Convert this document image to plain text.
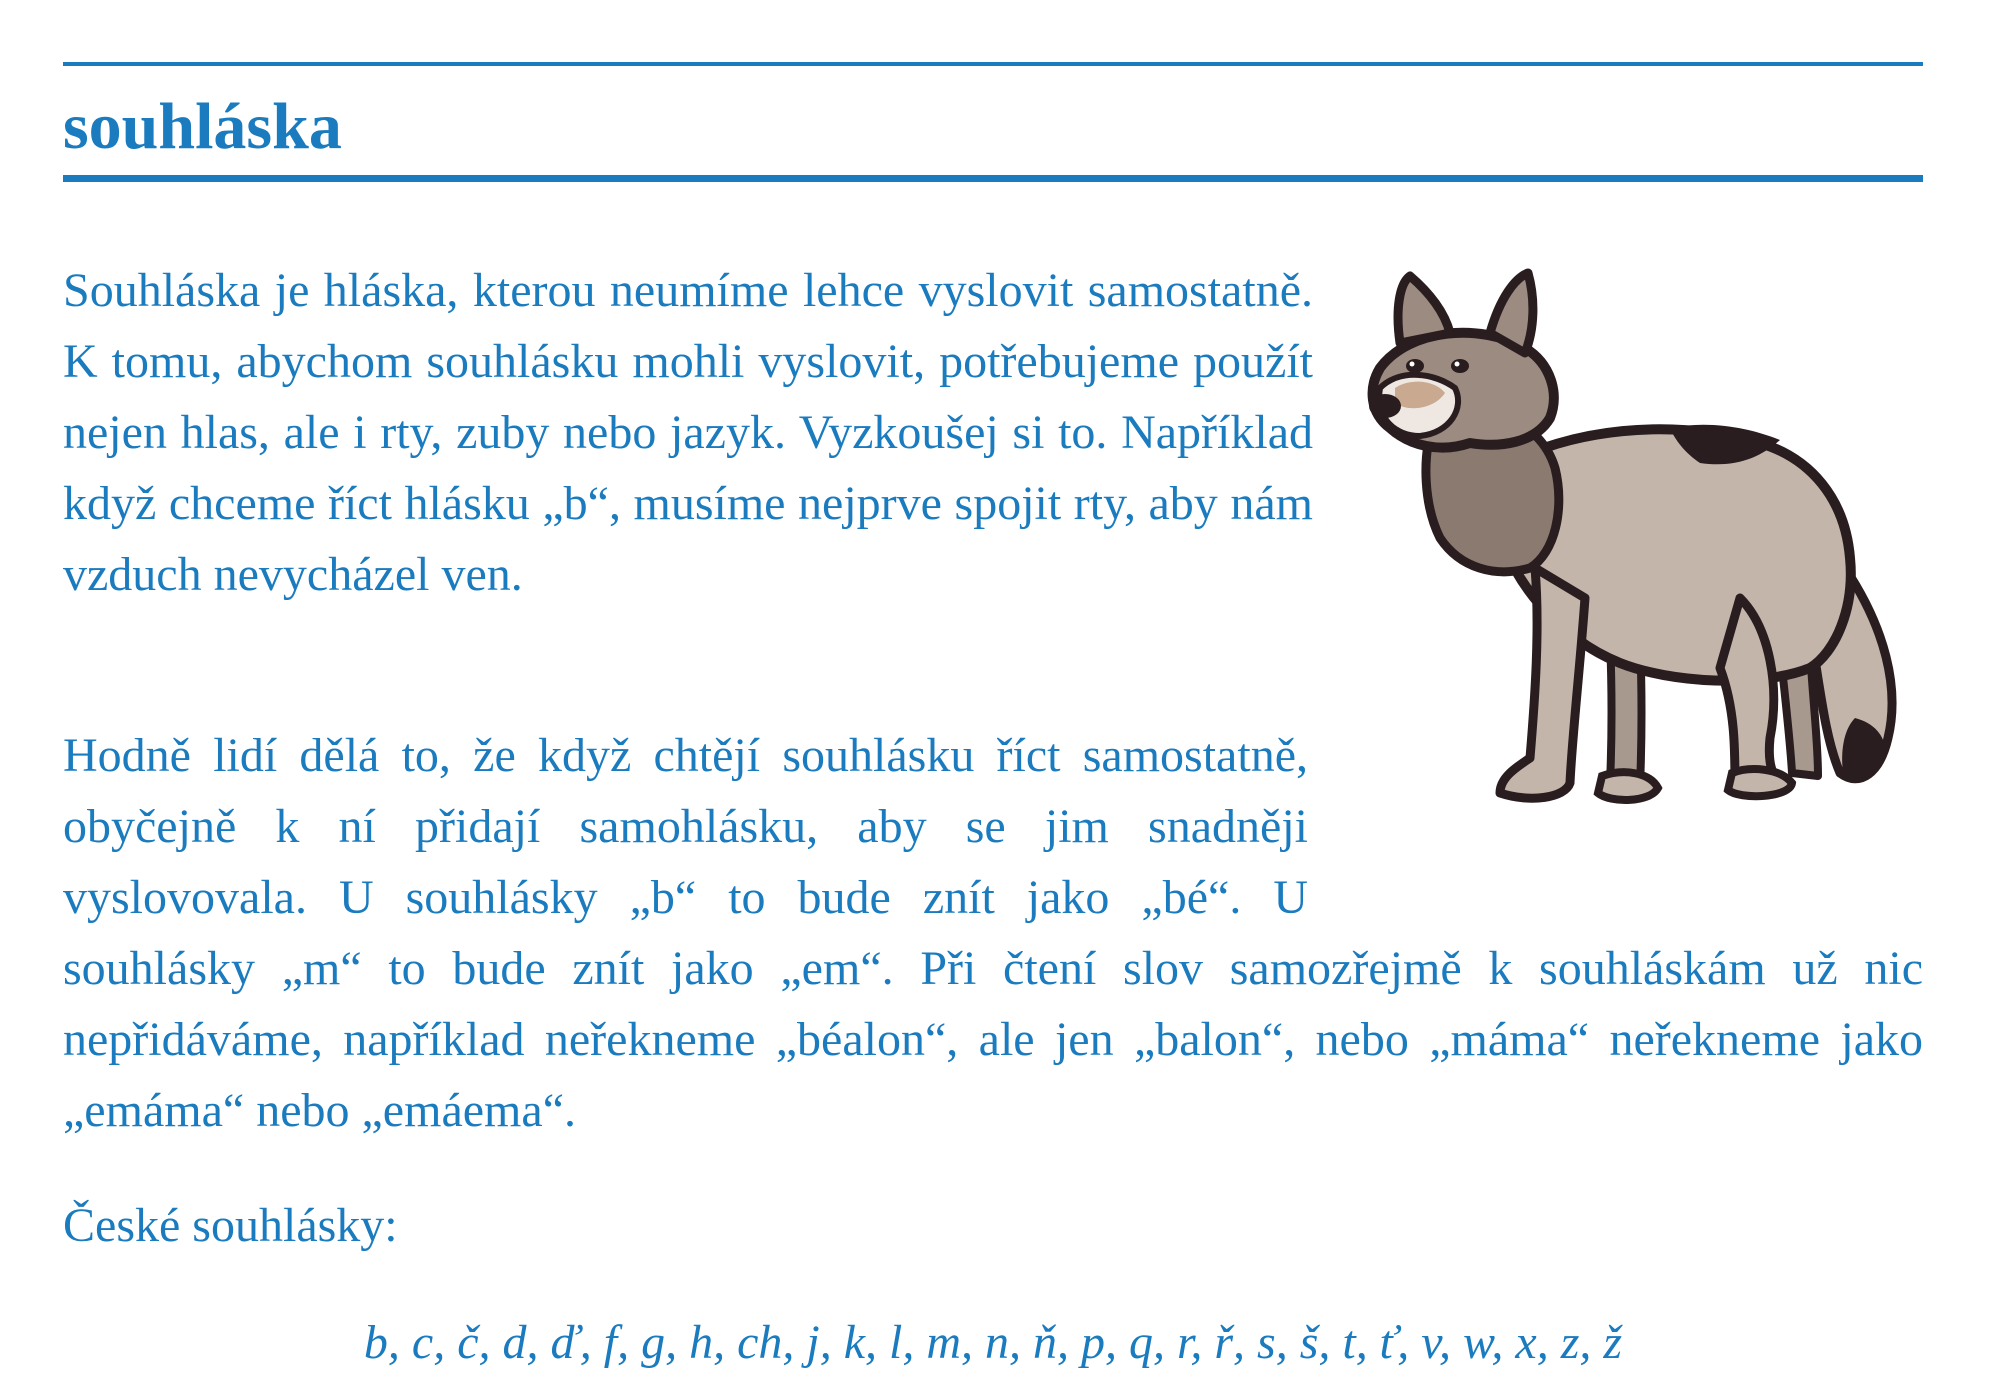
souhláska

Souhláska je hláska, kterou neumíme lehce vyslovit samostatně. K tomu, abychom souhlásku mohli vyslovit, potřebujeme použít nejen hlas, ale i rty, zuby nebo jazyk. Vyzkoušej si to. Například když chceme říct hlásku „b“, musíme nejprve spojit rty, aby nám vzduch nevycházel ven.

Hodně lidí dělá to, že když chtějí souhlásku říct samostatně, obyčejně k ní přidají samohlásku, aby se jim snadněji vyslovovala. U souhlásky „b“ to bude znít jako „bé“. U souhlásky „m“ to bude znít jako „em“. Při čtení slov samozřejmě k souhláskám už nic nepřidáváme, například neřekneme „béalon“, ale jen „balon“, nebo „máma“ neřekneme jako „emáma“ nebo „emáema“.

České souhlásky:

b, c, č, d, ď, f, g, h, ch, j, k, l, m, n, ň, p, q, r, ř, s, š, t, ť, v, w, x, z, ž
